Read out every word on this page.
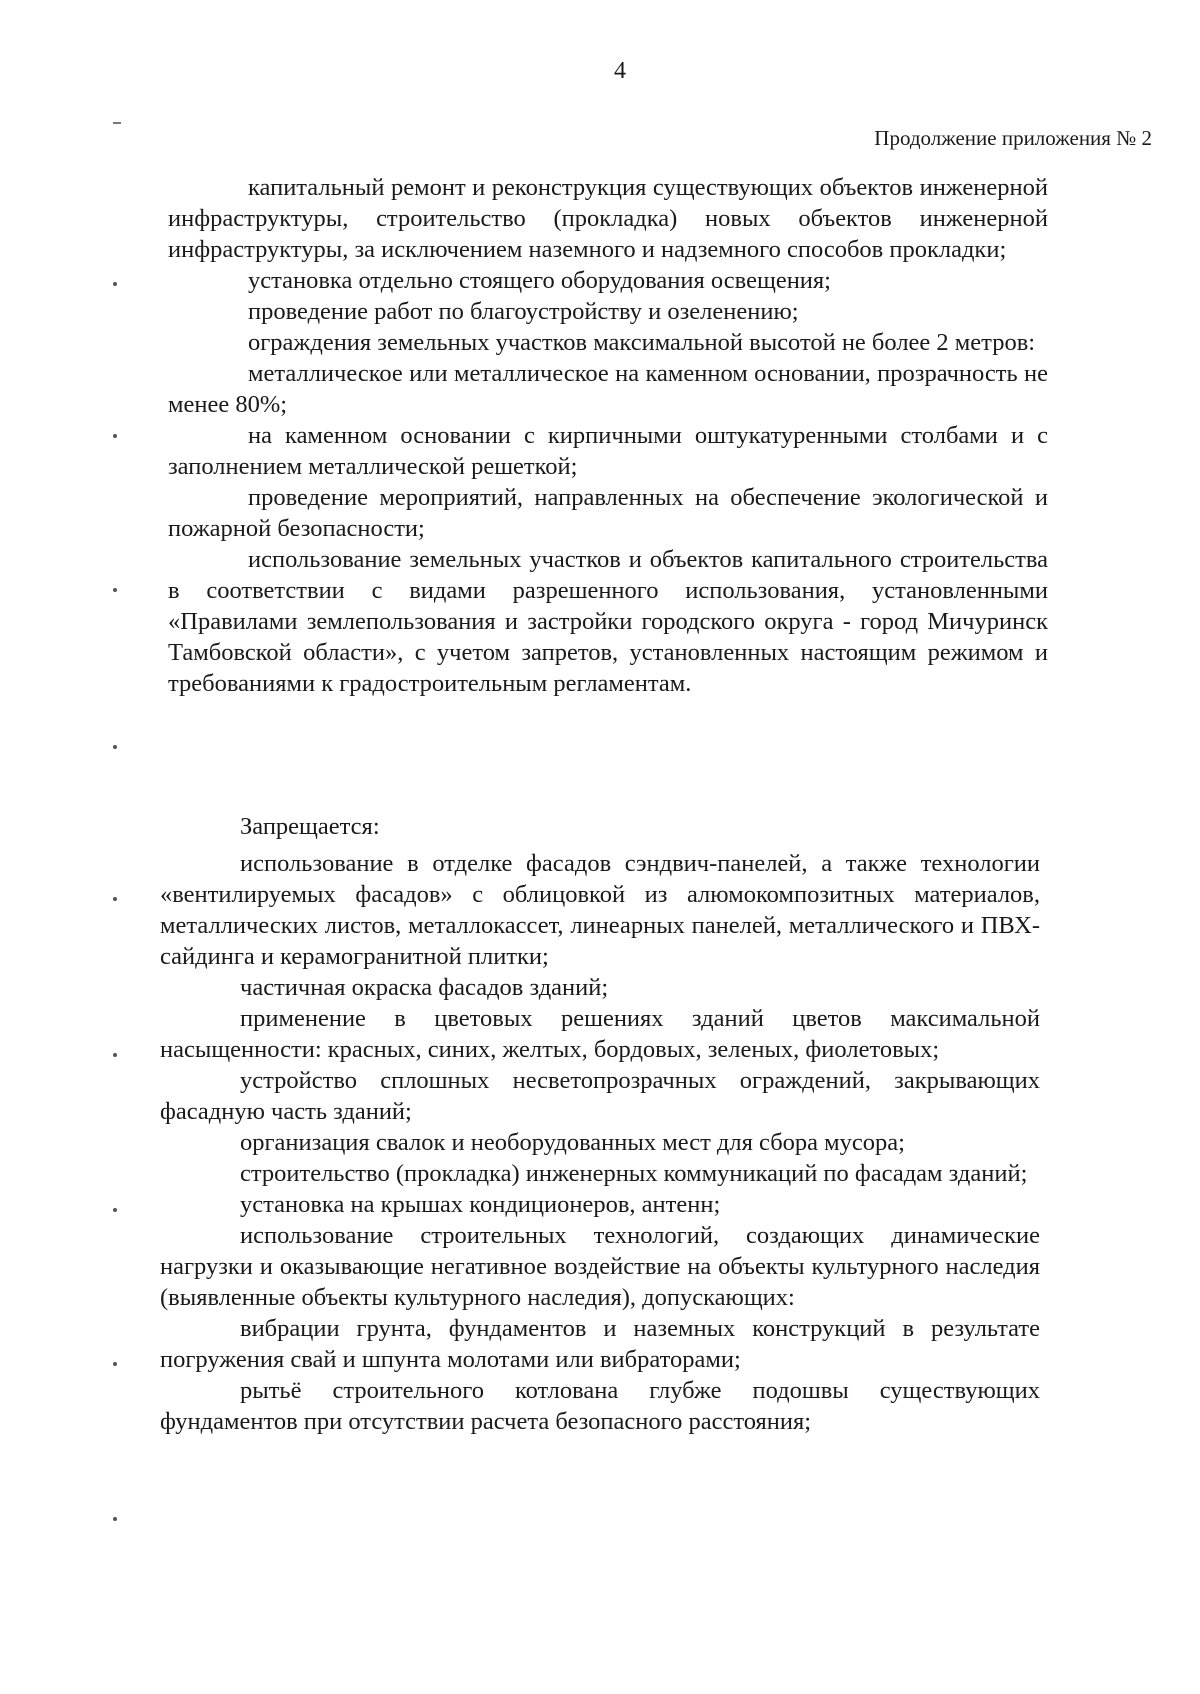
4
Продолжение приложения № 2

капитальный ремонт и реконструкция существующих объектов инженерной инфраструктуры, строительство (прокладка) новых объектов инженерной инфраструктуры, за исключением наземного и надземного способов прокладки;

установка отдельно стоящего оборудования освещения;

проведение работ по благоустройству и озеленению;

ограждения земельных участков максимальной высотой не более 2 метров:

металлическое или металлическое на каменном основании, прозрачность не менее 80%;

на каменном основании с кирпичными оштукатуренными столбами и с заполнением металлической решеткой;

проведение мероприятий, направленных на обеспечение экологической и пожарной безопасности;

использование земельных участков и объектов капитального строительства в соответствии с видами разрешенного использования, установленными «Правилами землепользования и застройки городского округа - город Мичуринск Тамбовской области», с учетом запретов, установленных настоящим режимом и требованиями к градостроительным регламентам.

Запрещается:

использование в отделке фасадов сэндвич-панелей, а также технологии «вентилируемых фасадов» с облицовкой из алюмокомпозитных материалов, металлических листов, металлокассет, линеарных панелей, металлического и ПВХ-сайдинга и керамогранитной плитки;

частичная окраска фасадов зданий;

применение в цветовых решениях зданий цветов максимальной насыщенности: красных, синих, желтых, бордовых, зеленых, фиолетовых;

устройство сплошных несветопрозрачных ограждений, закрывающих фасадную часть зданий;

организация свалок и необорудованных мест для сбора мусора;

строительство (прокладка) инженерных коммуникаций по фасадам зданий;

установка на крышах кондиционеров, антенн;

использование строительных технологий, создающих динамические нагрузки и оказывающие негативное воздействие на объекты культурного наследия (выявленные объекты культурного наследия), допускающих:

вибрации грунта, фундаментов и наземных конструкций в результате погружения свай и шпунта молотами или вибраторами;

рытьё строительного котлована глубже подошвы существующих фундаментов при отсутствии расчета безопасного расстояния;
